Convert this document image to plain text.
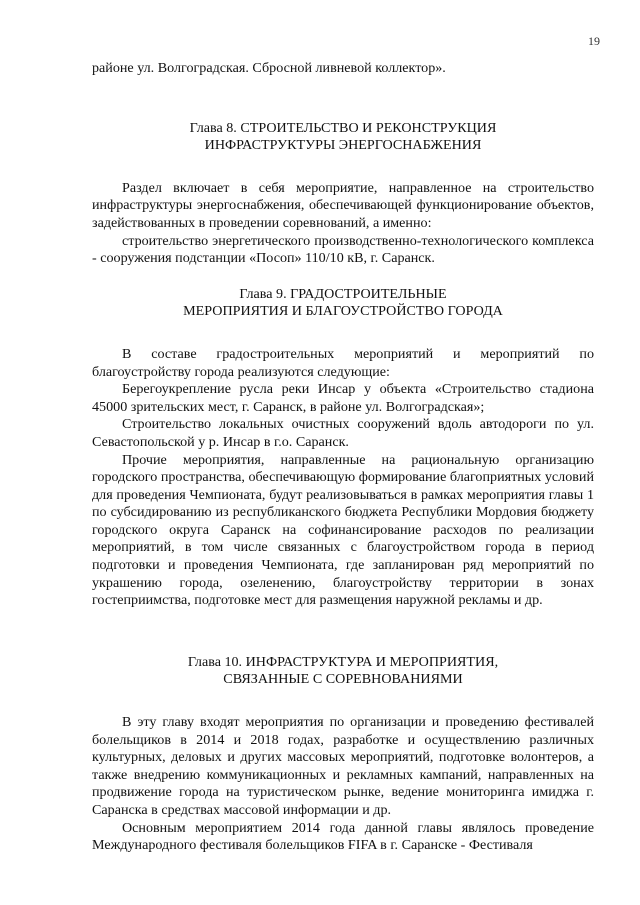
19

районе ул. Волгоградская. Сбросной ливневой коллектор».

Глава 8. СТРОИТЕЛЬСТВО И РЕКОНСТРУКЦИЯ
ИНФРАСТРУКТУРЫ ЭНЕРГОСНАБЖЕНИЯ

Раздел включает в себя мероприятие, направленное на строительство инфраструктуры энергоснабжения, обеспечивающей функционирование объектов, задействованных в проведении соревнований, а именно:

строительство энергетического производственно-технологического комплекса - сооружения подстанции «Посоп» 110/10 кВ, г. Саранск.

Глава 9. ГРАДОСТРОИТЕЛЬНЫЕ
МЕРОПРИЯТИЯ И БЛАГОУСТРОЙСТВО ГОРОДА

В составе градостроительных мероприятий и мероприятий по благоустройству города реализуются следующие:

Берегоукрепление русла реки Инсар у объекта «Строительство стадиона 45000 зрительских мест, г. Саранск, в районе ул. Волгоградская»;

Строительство локальных очистных сооружений вдоль автодороги по ул. Севастопольской у р. Инсар в г.о. Саранск.

Прочие мероприятия, направленные на рациональную организацию городского пространства, обеспечивающую формирование благоприятных условий для проведения Чемпионата, будут реализовываться в рамках мероприятия главы 1 по субсидированию из республиканского бюджета Республики Мордовия бюджету городского округа Саранск на софинансирование расходов по реализации мероприятий, в том числе связанных с благоустройством города в период подготовки и проведения Чемпионата, где запланирован ряд мероприятий по украшению города, озеленению, благоустройству территории в зонах гостеприимства, подготовке мест для размещения наружной рекламы и др.

Глава 10. ИНФРАСТРУКТУРА И МЕРОПРИЯТИЯ,
СВЯЗАННЫЕ С СОРЕВНОВАНИЯМИ

В эту главу входят мероприятия по организации и проведению фестивалей болельщиков в 2014 и 2018 годах, разработке и осуществлению различных культурных, деловых и других массовых мероприятий, подготовке волонтеров, а также внедрению коммуникационных и рекламных кампаний, направленных на продвижение города на туристическом рынке, ведение мониторинга имиджа г. Саранска в средствах массовой информации и др.

Основным мероприятием 2014 года данной главы являлось проведение Международного фестиваля болельщиков FIFA в г. Саранске - Фестиваля
